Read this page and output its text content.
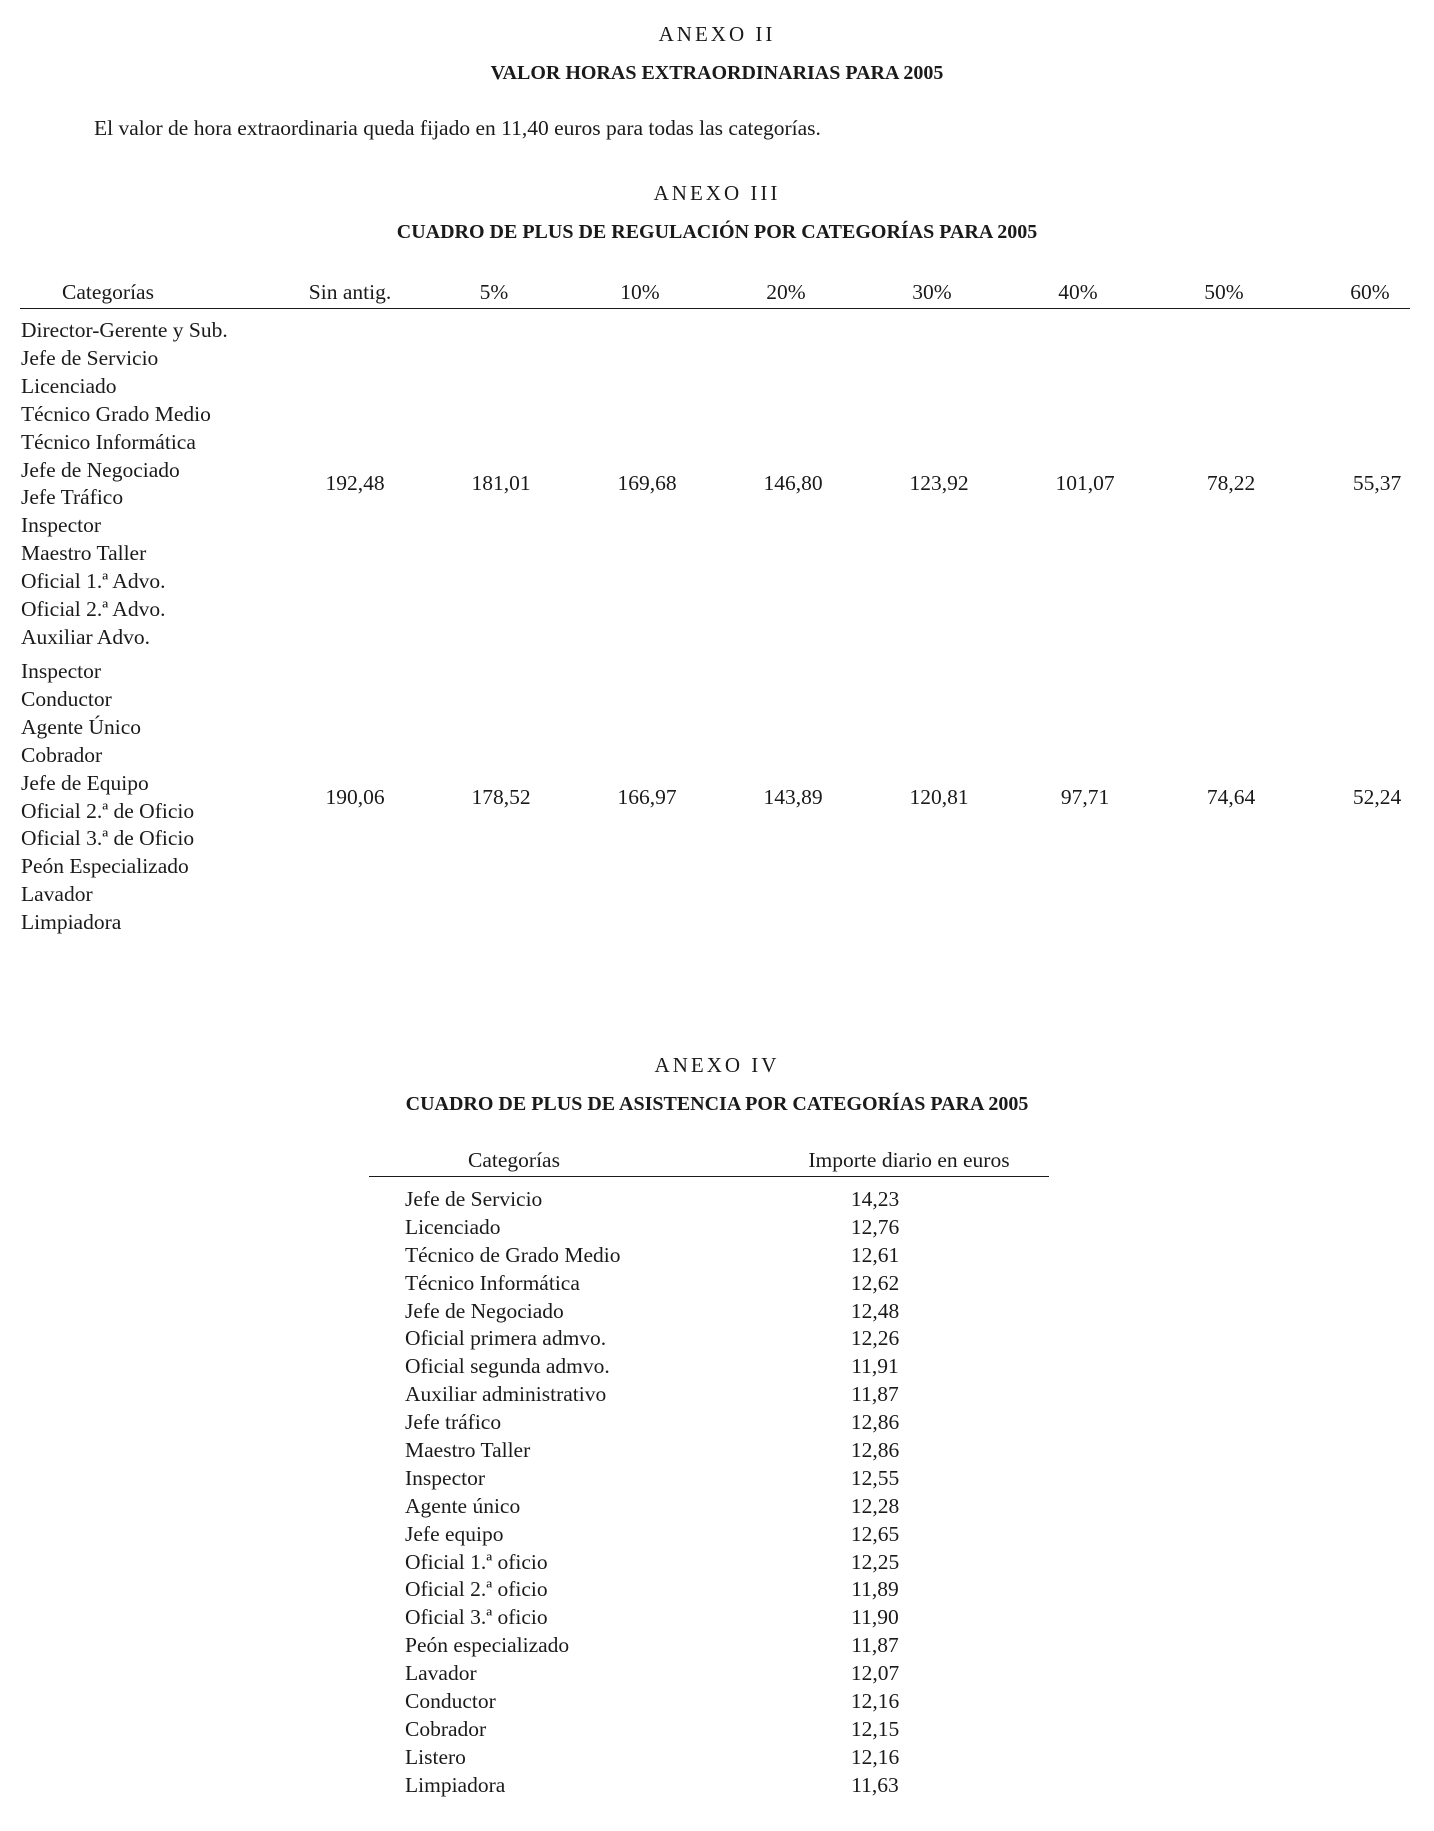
ANEXO II
VALOR HORAS EXTRAORDINARIAS PARA 2005
El valor de hora extraordinaria queda fijado en 11,40 euros para todas las categorías.
ANEXO III
CUADRO DE PLUS DE REGULACIÓN POR CATEGORÍAS PARA 2005
Categorías	Sin antig.	5%	10%	20%	30%	40%	50%	60%
Director-Gerente y Sub.
Jefe de Servicio
Licenciado
Técnico Grado Medio
Técnico Informática
Jefe de Negociado
Jefe Tráfico
Inspector
Maestro Taller
Oficial 1.ª Advo.
Oficial 2.ª Advo.
Auxiliar Advo.
192,48	181,01	169,68	146,80	123,92	101,07	78,22	55,37
Inspector
Conductor
Agente Único
Cobrador
Jefe de Equipo
Oficial 2.ª de Oficio
Oficial 3.ª de Oficio
Peón Especializado
Lavador
Limpiadora
190,06	178,52	166,97	143,89	120,81	97,71	74,64	52,24
ANEXO IV
CUADRO DE PLUS DE ASISTENCIA POR CATEGORÍAS PARA 2005
Categorías	Importe diario en euros
Jefe de Servicio	14,23
Licenciado	12,76
Técnico de Grado Medio	12,61
Técnico Informática	12,62
Jefe de Negociado	12,48
Oficial primera admvo.	12,26
Oficial segunda admvo.	11,91
Auxiliar administrativo	11,87
Jefe tráfico	12,86
Maestro Taller	12,86
Inspector	12,55
Agente único	12,28
Jefe equipo	12,65
Oficial 1.ª oficio	12,25
Oficial 2.ª oficio	11,89
Oficial 3.ª oficio	11,90
Peón especializado	11,87
Lavador	12,07
Conductor	12,16
Cobrador	12,15
Listero	12,16
Limpiadora	11,63
